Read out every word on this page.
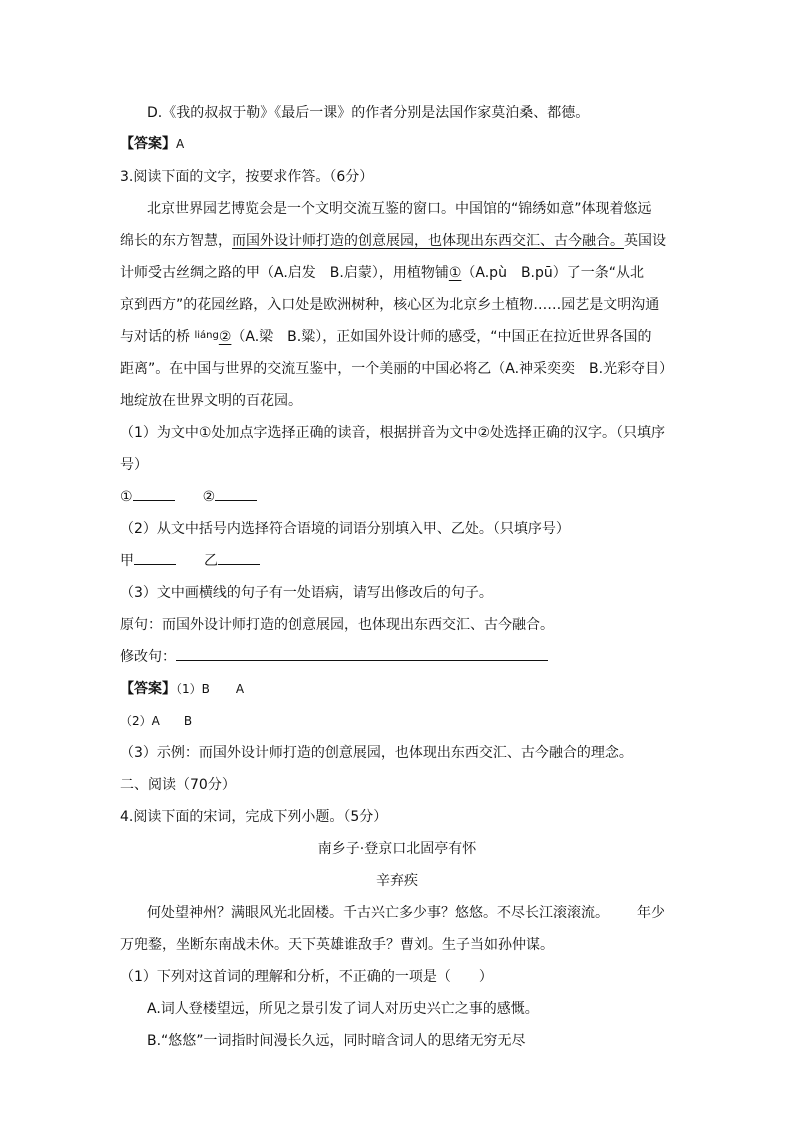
D.《我的叔叔于勒》《最后一课》的作者分别是法国作家莫泊桑、都德。
【答案】A
3.阅读下面的文字，按要求作答。（6分）
北京世界园艺博览会是一个文明交流互鉴的窗口。中国馆的“锦绣如意”体现着悠远
绵长的东方智慧，而国外设计师打造的创意展园，也体现出东西交汇、古今融合。英国设
计师受古丝绸之路的甲（A.启发 B.启蒙），用植物铺①（A.pù B.pū）了一条“从北
京到西方”的花园丝路，入口处是欧洲树种，核心区为北京乡土植物……园艺是文明沟通
与对话的桥 $^{liáng}$②（A.梁 B.粱），正如国外设计师的感受，“中国正在拉近世界各国的
距离”。在中国与世界的交流互鉴中，一个美丽的中国必将乙（A.神采奕奕 B.光彩夺目）
地绽放在世界文明的百花园。
（1）为文中①处加点字选择正确的读音，根据拼音为文中②处选择正确的汉字。（只填序
号）
①	②
（2）从文中括号内选择符合语境的词语分别填入甲、乙处。（只填序号）
甲	乙
（3）文中画横线的句子有一处语病，请写出修改后的句子。
原句：而国外设计师打造的创意展园，也体现出东西交汇、古今融合。
修改句：
【答案】（1）B A
（2）A B
（3）示例：而国外设计师打造的创意展园，也体现出东西交汇、古今融合的理念。
二、阅读（70分）
4.阅读下面的宋词，完成下列小题。（5分）
南乡子·登京口北固亭有怀
辛弃疾
何处望神州？满眼风光北固楼。千古兴亡多少事？悠悠。不尽长江滚滚流。 年少
万兜鍪，坐断东南战未休。天下英雄谁敌手？曹刘。生子当如孙仲谋。
（1）下列对这首词的理解和分析，不正确的一项是（　　）
A.词人登楼望远，所见之景引发了词人对历史兴亡之事的感慨。
B.“悠悠”一词指时间漫长久远，同时暗含词人的思绪无穷无尽
